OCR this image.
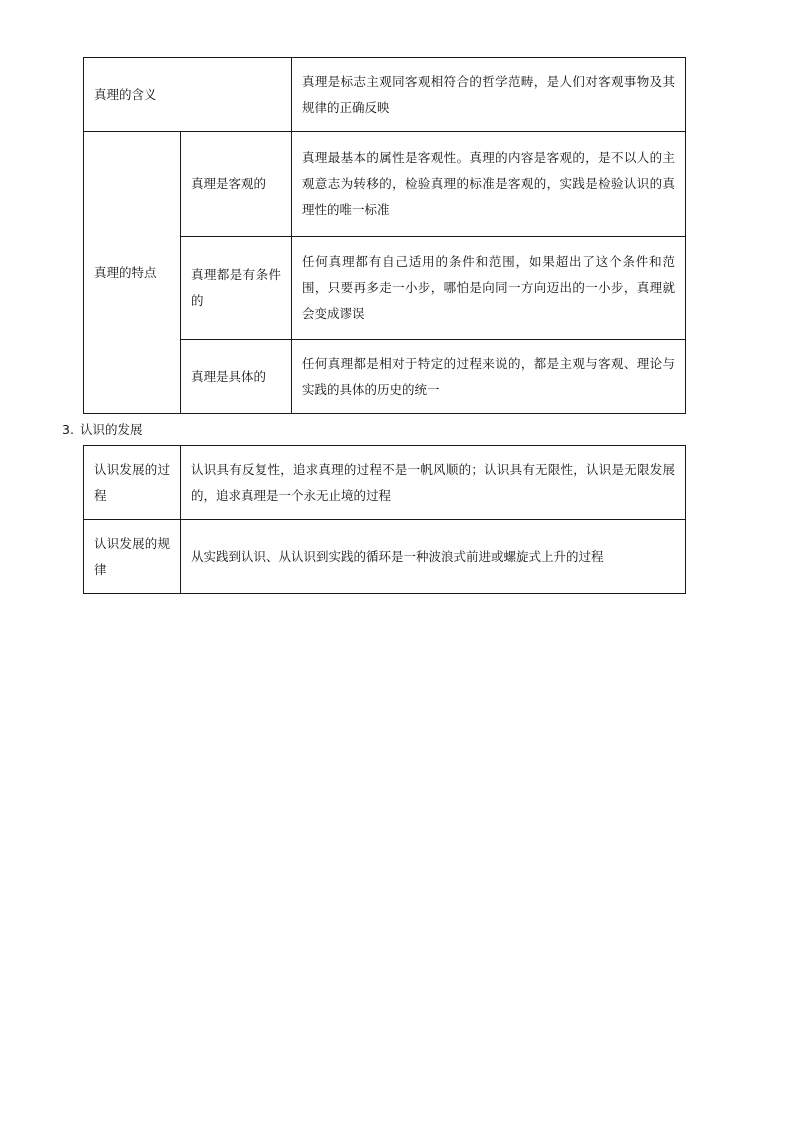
真理的含义		真理是标志主观同客观相符合的哲学范畴，是人们对客观事物及其规律的正确反映
真理的特点	真理是客观的	真理最基本的属性是客观性。真理的内容是客观的，是不以人的主观意志为转移的，检验真理的标准是客观的，实践是检验认识的真理性的唯一标准
	真理都是有条件的	任何真理都有自己适用的条件和范围，如果超出了这个条件和范围，只要再多走一小步，哪怕是向同一方向迈出的一小步，真理就会变成谬误
	真理是具体的	任何真理都是相对于特定的过程来说的，都是主观与客观、理论与实践的具体的历史的统一
3. 认识的发展
认识发展的过程	认识具有反复性，追求真理的过程不是一帆风顺的；认识具有无限性，认识是无限发展的，追求真理是一个永无止境的过程
认识发展的规律	从实践到认识、从认识到实践的循环是一种波浪式前进或螺旋式上升的过程
